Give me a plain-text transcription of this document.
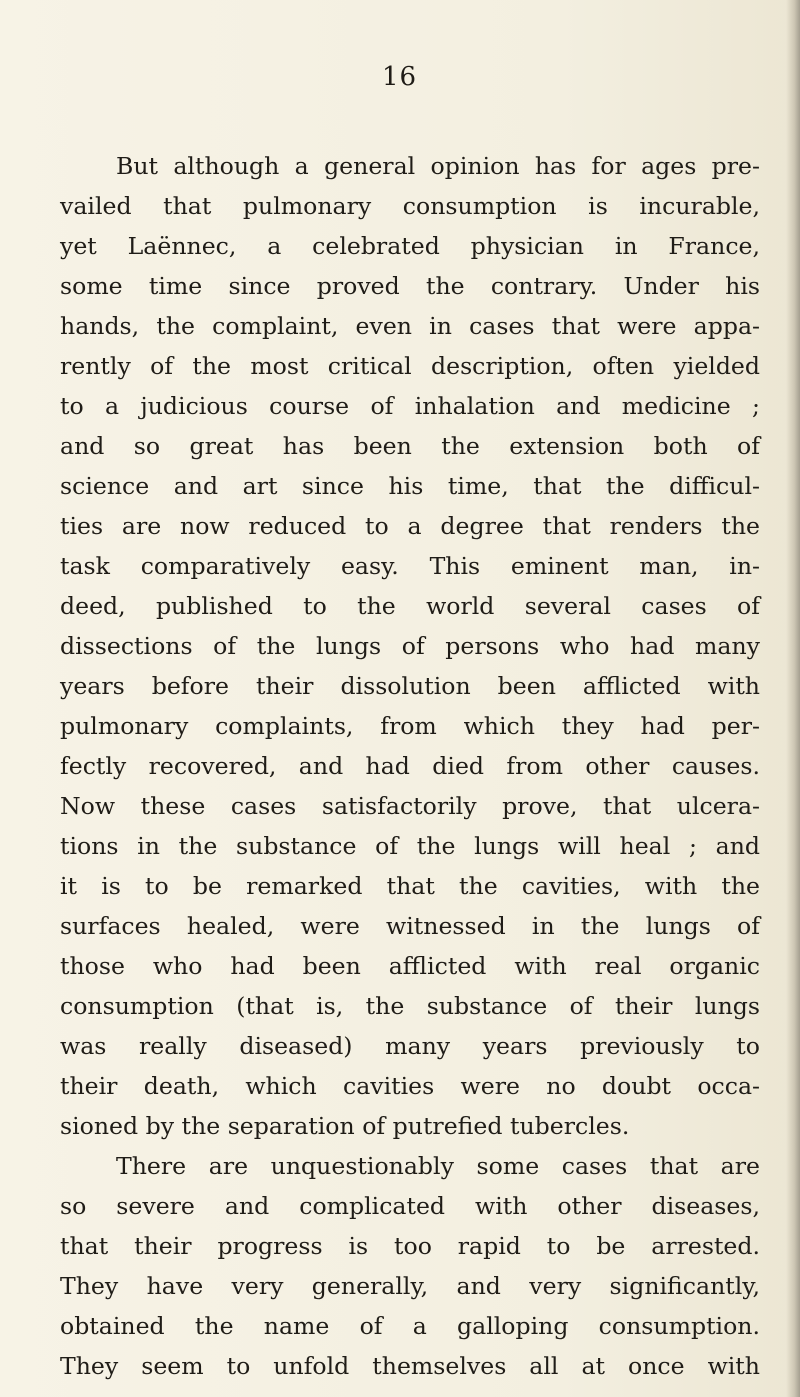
16
But although a general opinion has for ages pre-
vailed that pulmonary consumption is incurable,
yet Laënnec, a celebrated physician in France,
some time since proved the contrary. Under his
hands, the complaint, even in cases that were appa-
rently of the most critical description, often yielded
to a judicious course of inhalation and medicine ;
and so great has been the extension both of
science and art since his time, that the difficul-
ties are now reduced to a degree that renders the
task comparatively easy. This eminent man, in-
deed, published to the world several cases of
dissections of the lungs of persons who had many
years before their dissolution been afflicted with
pulmonary complaints, from which they had per-
fectly recovered, and had died from other causes.
Now these cases satisfactorily prove, that ulcera-
tions in the substance of the lungs will heal ; and
it is to be remarked that the cavities, with the
surfaces healed, were witnessed in the lungs of
those who had been afflicted with real organic
consumption (that is, the substance of their lungs
was really diseased) many years previously to
their death, which cavities were no doubt occa-
sioned by the separation of putrefied tubercles.
There are unquestionably some cases that are
so severe and complicated with other diseases,
that their progress is too rapid to be arrested.
They have very generally, and very significantly,
obtained the name of a galloping consumption.
They seem to unfold themselves all at once with
